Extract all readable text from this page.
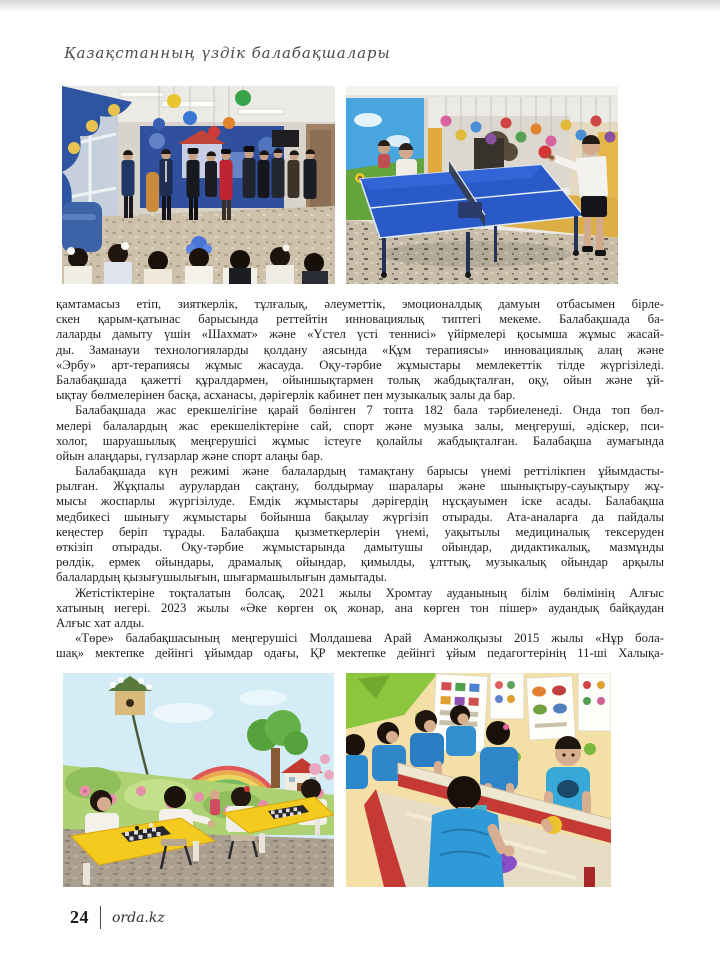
Қазақстанның үздік балабақшалары
қамтамасыз етіп, зияткерлік, тұлғалық, әлеуметтік, эмоционалдық дамуын отбасымен бірле-
скен қарым-қатынас барысында реттейтін инновациялық типтегі мекеме. Балабақшада ба-
лаларды дамыту үшін «Шахмат» және «Үстел үсті теннисі» үйірмелері қосымша жұмыс жасай-
ды. Заманауи технологияларды қолдану аясында «Құм терапиясы» инновациялық алаң және
«Эрбу» арт-терапиясы жұмыс жасауда. Оқу-тәрбие жұмыстары мемлекеттік тілде жүргізіледі.
Балабақшада қажетті құралдармен, ойыншықтармен толық жабдықталған, оқу, ойын және ұй-
ықтау бөлмелерінен басқа, асханасы, дәрігерлік кабинет пен музыкалық залы да бар.
Балабақшада жас ерекшелігіне қарай бөлінген 7 топта 182 бала тәрбиеленеді. Онда топ бөл-
мелері балалардың жас ерекшеліктеріне сай, спорт және музыка залы, меңгеруші, әдіскер, пси-
холог, шаруашылық меңгерушісі жұмыс істеуге қолайлы жабдықталған. Балабақша аумағында
ойын алаңдары, гүлзарлар және спорт алаңы бар.
Балабақшада күн режимі және балалардың тамақтану барысы үнемі реттілікпен ұйымдасты-
рылған. Жұқпалы аурулардан сақтану, болдырмау шаралары және шынықтыру-сауықтыру жұ-
мысы жоспарлы жүргізілуде. Емдік жұмыстары дәрігердің нұсқауымен іске асады. Балабақша
медбикесі шынығу жұмыстары бойынша бақылау жүргізіп отырады. Ата-аналарға да пайдалы
кеңестер беріп тұрады. Балабақша қызметкерлерін үнемі, уақытылы медициналық тексеруден
өткізіп отырады. Оқу-тәрбие жұмыстарында дамытушы ойындар, дидактикалық, мазмұнды
рөлдік, ермек ойындары, драмалық ойындар, қимылды, ұлттық, музыкалық ойындар арқылы
балалардың қызығушылығын, шығармашылығын дамытады.
Жетістіктеріне тоқталатын болсақ, 2021 жылы Хромтау ауданының білім бөлімінің Алғыс
хатының иегері. 2023 жылы «Әке көрген оқ жонар, ана көрген тон пішер» аудандық байқаудан
Алғыс хат алды.
«Төре» балабақшасының меңгерушісі Молдашева Арай Аманжолқызы 2015 жылы «Нұр бола-
шақ» мектепке дейінгі ұйымдар одағы, ҚР мектепке дейінгі ұйым педагогтерінің 11-ші Халықа-
24 orda.kz
